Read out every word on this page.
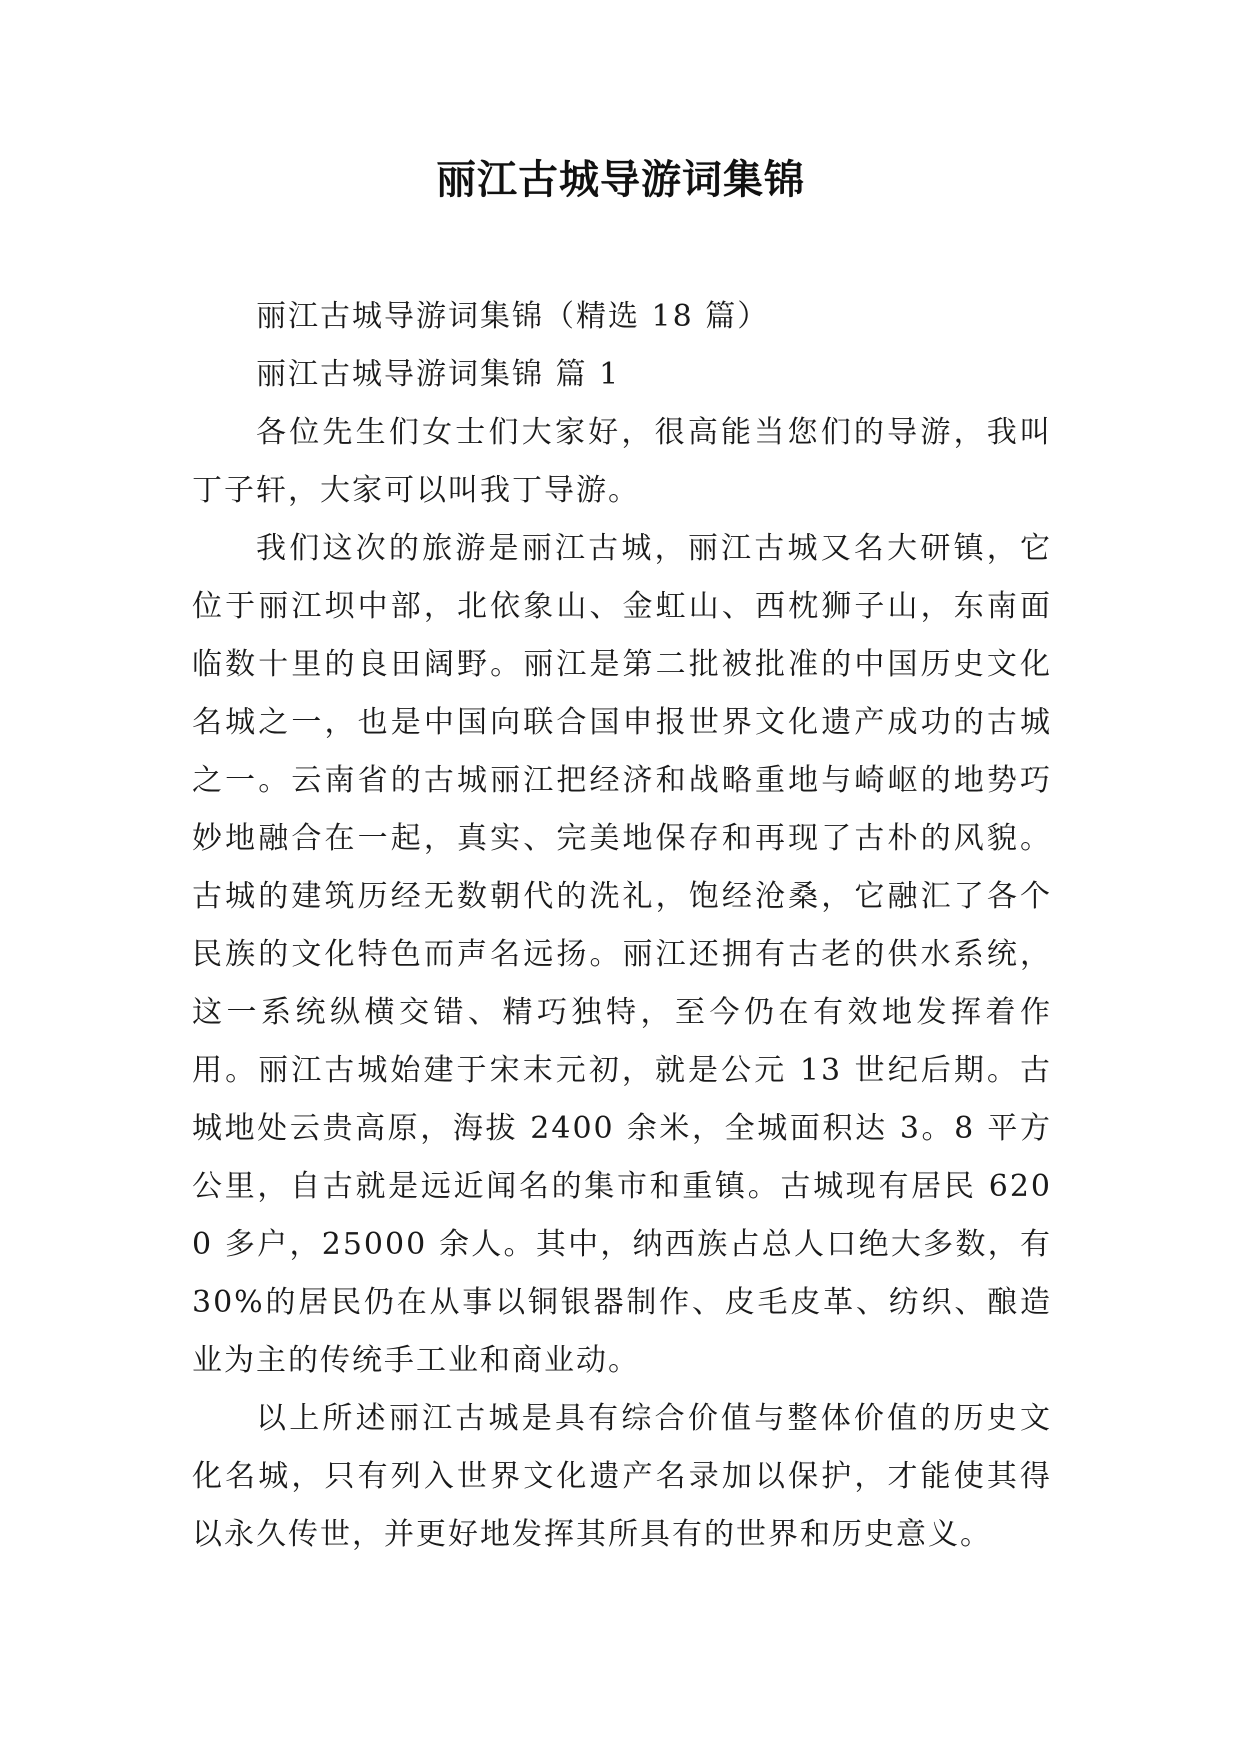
丽江古城导游词集锦

丽江古城导游词集锦（精选 18 篇）

丽江古城导游词集锦 篇 1

各位先生们女士们大家好，很高能当您们的导游，我叫丁子轩，大家可以叫我丁导游。

我们这次的旅游是丽江古城，丽江古城又名大研镇，它位于丽江坝中部，北依象山、金虹山、西枕狮子山，东南面临数十里的良田阔野。丽江是第二批被批准的中国历史文化名城之一，也是中国向联合国申报世界文化遗产成功的古城之一。云南省的古城丽江把经济和战略重地与崎岖的地势巧妙地融合在一起，真实、完美地保存和再现了古朴的风貌。古城的建筑历经无数朝代的洗礼，饱经沧桑，它融汇了各个民族的文化特色而声名远扬。丽江还拥有古老的供水系统，这一系统纵横交错、精巧独特，至今仍在有效地发挥着作用。丽江古城始建于宋末元初，就是公元 13 世纪后期。古城地处云贵高原，海拔 2400 余米，全城面积达 3。8 平方公里，自古就是远近闻名的集市和重镇。古城现有居民 6200 多户，25000 余人。其中，纳西族占总人口绝大多数，有 30%的居民仍在从事以铜银器制作、皮毛皮革、纺织、酿造业为主的传统手工业和商业动。

以上所述丽江古城是具有综合价值与整体价值的历史文化名城，只有列入世界文化遗产名录加以保护，才能使其得以永久传世，并更好地发挥其所具有的世界和历史意义。
